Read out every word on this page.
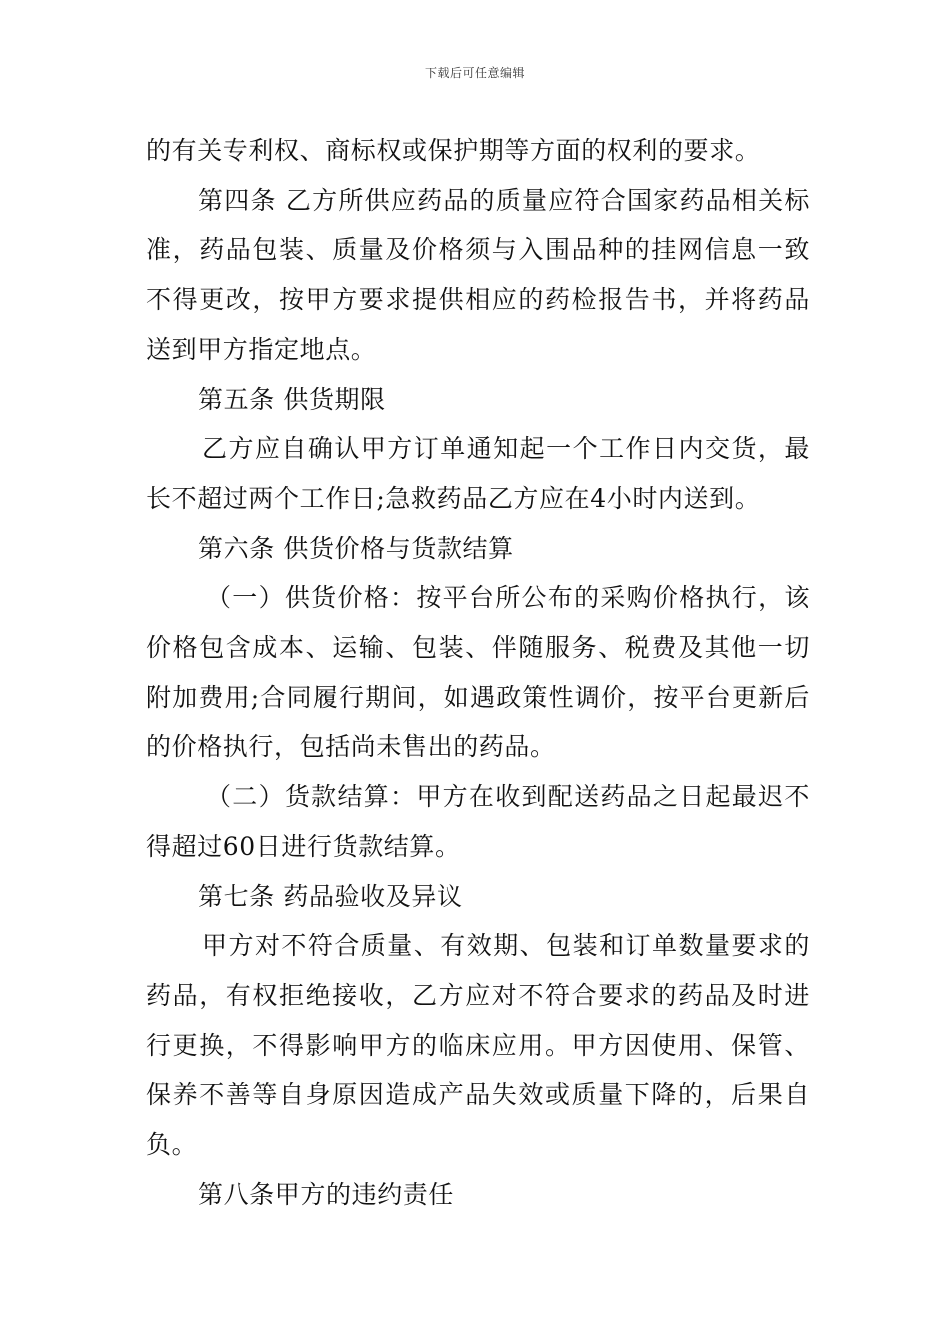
下载后可任意编辑

的有关专利权、商标权或保护期等方面的权利的要求。

第四条 乙方所供应药品的质量应符合国家药品相关标准，药品包装、质量及价格须与入围品种的挂网信息一致不得更改，按甲方要求提供相应的药检报告书，并将药品送到甲方指定地点。

第五条 供货期限

乙方应自确认甲方订单通知起一个工作日内交货，最长不超过两个工作日;急救药品乙方应在4小时内送到。

第六条 供货价格与货款结算

（一）供货价格：按平台所公布的采购价格执行，该价格包含成本、运输、包装、伴随服务、税费及其他一切附加费用;合同履行期间，如遇政策性调价，按平台更新后的价格执行，包括尚未售出的药品。

（二）货款结算：甲方在收到配送药品之日起最迟不得超过60日进行货款结算。

第七条 药品验收及异议

甲方对不符合质量、有效期、包装和订单数量要求的药品，有权拒绝接收，乙方应对不符合要求的药品及时进行更换，不得影响甲方的临床应用。甲方因使用、保管、保养不善等自身原因造成产品失效或质量下降的，后果自负。

第八条甲方的违约责任
